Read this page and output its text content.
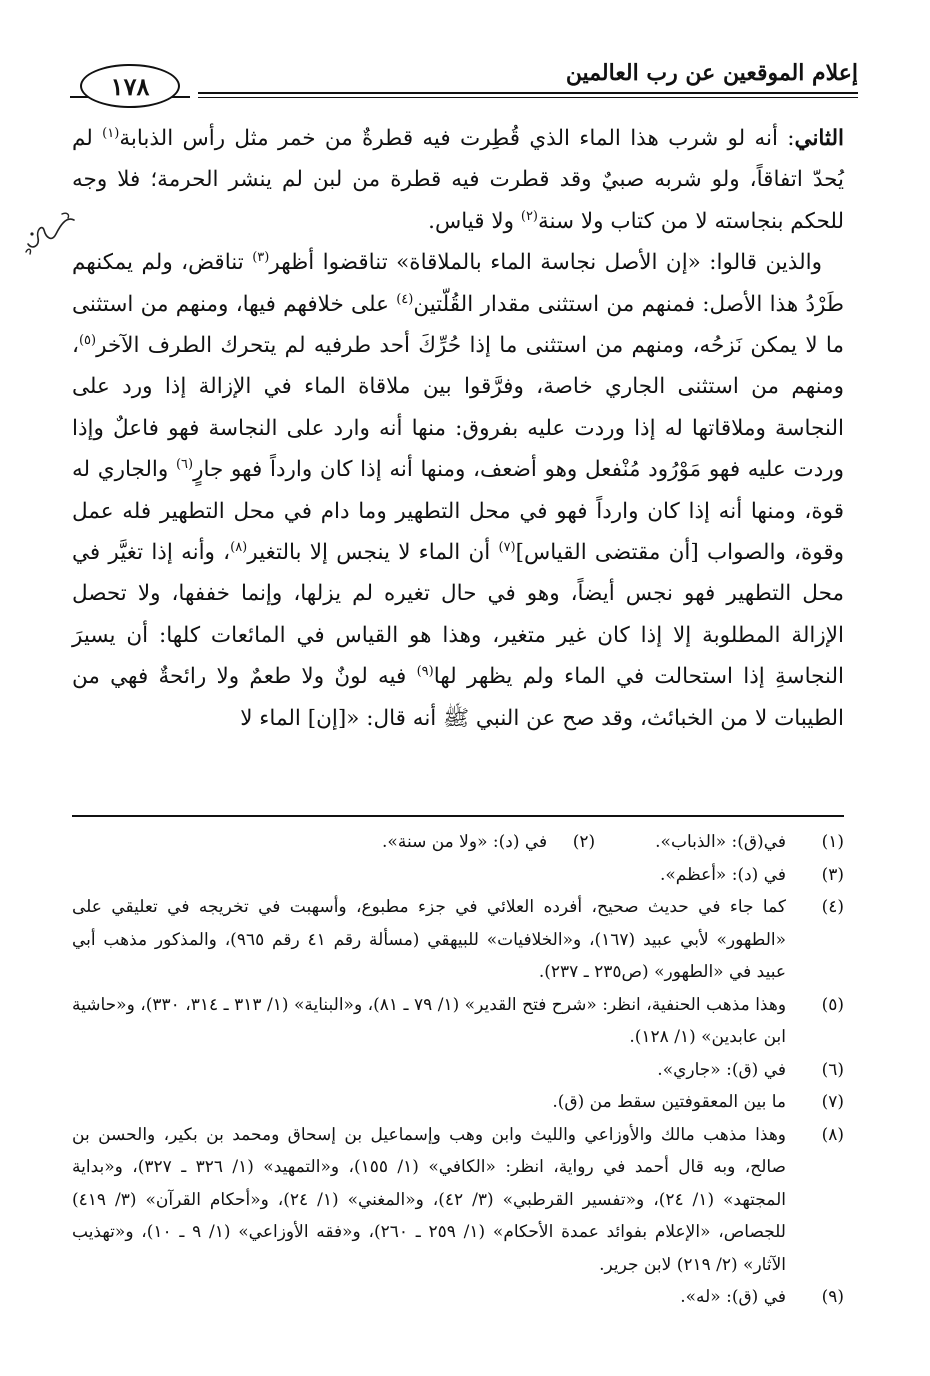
إعلام الموقعين عن رب العالمين
١٧٨

الثاني: أنه لو شرب هذا الماء الذي قُطِرت فيه قطرةٌ من خمر مثل رأس الذبابة$^{(١)}$ لم يُحدّ اتفاقاً، ولو شربه صبيٌ وقد قطرت فيه قطرة من لبن لم ينشر الحرمة؛ فلا وجه للحكم بنجاسته لا من كتاب ولا سنة$^{(٢)}$ ولا قياس.

والذين قالوا: «إن الأصل نجاسة الماء بالملاقاة» تناقضوا أظهر$^{(٣)}$ تناقض، ولم يمكنهم طَرْدُ هذا الأصل: فمنهم من استثنى مقدار القُلّتين$^{(٤)}$ على خلافهم فيها، ومنهم من استثنى ما لا يمكن نَزحُه، ومنهم من استثنى ما إذا حُرِّكَ أحد طرفيه لم يتحرك الطرف الآخر$^{(٥)}$، ومنهم من استثنى الجاري خاصة، وفرَّقوا بين ملاقاة الماء في الإزالة إذا ورد على النجاسة وملاقاتها له إذا وردت عليه بفروق: منها أنه وارد على النجاسة فهو فاعلٌ وإذا وردت عليه فهو مَوْرُود مُنْفعل وهو أضعف، ومنها أنه إذا كان وارداً فهو جارٍ$^{(٦)}$ والجاري له قوة، ومنها أنه إذا كان وارداً فهو في محل التطهير وما دام في محل التطهير فله عمل وقوة، والصواب [أن مقتضى القياس]$^{(٧)}$ أن الماء لا ينجس إلا بالتغير$^{(٨)}$، وأنه إذا تغيَّر في محل التطهير فهو نجس أيضاً، وهو في حال تغيره لم يزلها، وإنما خففها، ولا تحصل الإزالة المطلوبة إلا إذا كان غير متغير، وهذا هو القياس في المائعات كلها: أن يسيرَ النجاسةِ إذا استحالت في الماء ولم يظهر لها$^{(٩)}$ فيه لونٌ ولا طعمٌ ولا رائحةٌ فهي من الطيبات لا من الخبائث، وقد صح عن النبي ﷺ أنه قال: «[إن] الماء لا

(١)
في(ق): «الذباب».
(٢)
في (د): «ولا من سنة».
(٣)
في (د): «أعظم».
(٤)
كما جاء في حديث صحيح، أفرده العلائي في جزء مطبوع، وأسهبت في تخريجه في تعليقي على «الطهور» لأبي عبيد (١٦٧)، و«الخلافيات» للبيهقي (مسألة رقم ٤١ رقم ٩٦٥)، والمذكور مذهب أبي عبيد في «الطهور» (ص٢٣٥ ـ ٢٣٧).
(٥)
وهذا مذهب الحنفية، انظر: «شرح فتح القدير» (١/ ٧٩ ـ ٨١)، و«البناية» (١/ ٣١٣ ـ ٣١٤، ٣٣٠)، و«حاشية ابن عابدين» (١/ ١٢٨).
(٦)
في (ق): «جاري».
(٧)
ما بين المعقوفتين سقط من (ق).
(٨)
وهذا مذهب مالك والأوزاعي والليث وابن وهب وإسماعيل بن إسحاق ومحمد بن بكير، والحسن بن صالح، وبه قال أحمد في رواية، انظر: «الكافي» (١/ ١٥٥)، و«التمهيد» (١/ ٣٢٦ ـ ٣٢٧)، و«بداية المجتهد» (١/ ٢٤)، و«تفسير القرطبي» (٣/ ٤٢)، و«المغني» (١/ ٢٤)، و«أحكام القرآن» (٣/ ٤١٩) للجصاص، «الإعلام بفوائد عمدة الأحكام» (١/ ٢٥٩ ـ ٢٦٠)، و«فقه الأوزاعي» (١/ ٩ ـ ١٠)، و«تهذيب الآثار» (٢/ ٢١٩) لابن جرير.
(٩)
في (ق): «له».
